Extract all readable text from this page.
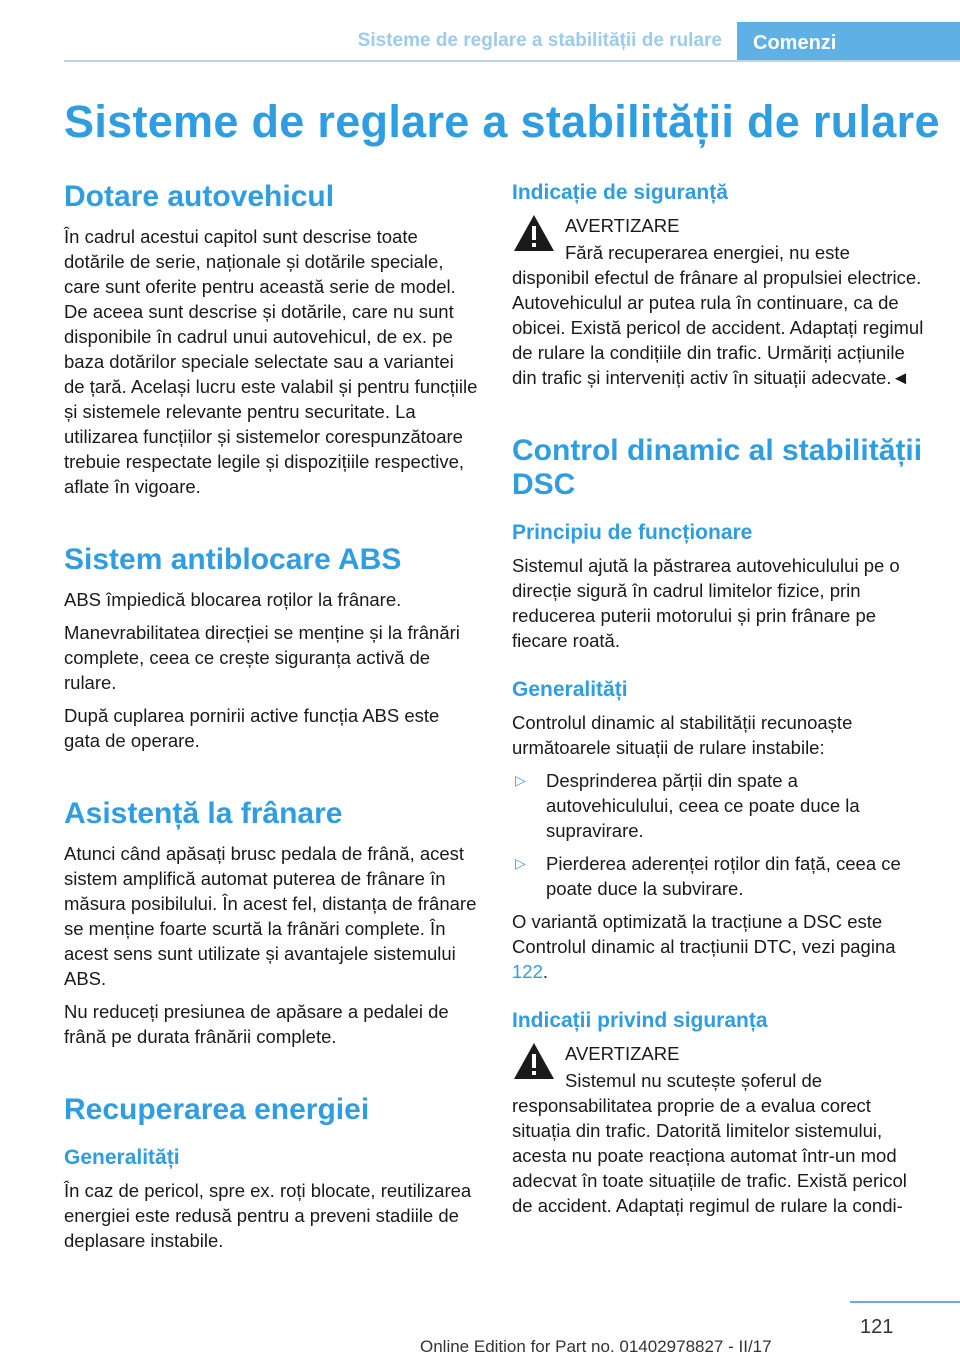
Sisteme de reglare a stabilității de rulare	Comenzi
Sisteme de reglare a stabilității de rulare
Dotare autovehicul

În cadrul acestui capitol sunt descrise toate dotările de serie, naționale și dotările speciale, care sunt oferite pentru această serie de model. De aceea sunt descrise și dotările, care nu sunt disponibile în cadrul unui autovehicul, de ex. pe baza dotărilor speciale selectate sau a variantei de țară. Același lucru este valabil și pentru funcțiile și sistemele relevante pentru securitate. La utilizarea funcțiilor și sistemelor corespunzătoare trebuie respectate legile și dispozițiile respective, aflate în vigoare.

Sistem antiblocare ABS

ABS împiedică blocarea roților la frânare.

Manevrabilitatea direcției se menține și la frânări complete, ceea ce crește siguranța activă de rulare.

După cuplarea pornirii active funcția ABS este gata de operare.

Asistență la frânare

Atunci când apăsați brusc pedala de frână, acest sistem amplifică automat puterea de frânare în măsura posibilului. În acest fel, distanța de frânare se menține foarte scurtă la frânări complete. În acest sens sunt utilizate și avantajele sistemului ABS.

Nu reduceți presiunea de apăsare a pedalei de frână pe durata frânării complete.

Recuperarea energiei
Generalități

În caz de pericol, spre ex. roți blocate, reutilizarea energiei este redusă pentru a preveni stadiile de deplasare instabile.

Indicație de siguranță
AVERTIZARE

Fără recuperarea energiei, nu este disponibil efectul de frânare al propulsiei electrice. Autovehiculul ar putea rula în continuare, ca de obicei. Există pericol de accident. Adaptați regimul de rulare la condițiile din trafic. Urmăriți acțiunile din trafic și interveniți activ în situații adecvate.◄

Control dinamic al stabilității DSC
Principiu de funcționare

Sistemul ajută la păstrarea autovehiculului pe o direcție sigură în cadrul limitelor fizice, prin reducerea puterii motorului și prin frânare pe fiecare roată.

Generalități

Controlul dinamic al stabilității recunoaște următoarele situații de rulare instabile:

▷ Desprinderea părții din spate a autovehiculului, ceea ce poate duce la supravirare.
▷ Pierderea aderenței roților din față, ceea ce poate duce la subvirare.

O variantă optimizată la tracțiune a DSC este Controlul dinamic al tracțiunii DTC, vezi pagina 122.

Indicații privind siguranța
AVERTIZARE

Sistemul nu scutește șoferul de responsabilitatea proprie de a evalua corect situația din trafic. Datorită limitelor sistemului, acesta nu poate reacționa automat într-un mod adecvat în toate situațiile de trafic. Există pericol de accident. Adaptați regimul de rulare la condi-

121
Online Edition for Part no. 01402978827 - II/17
